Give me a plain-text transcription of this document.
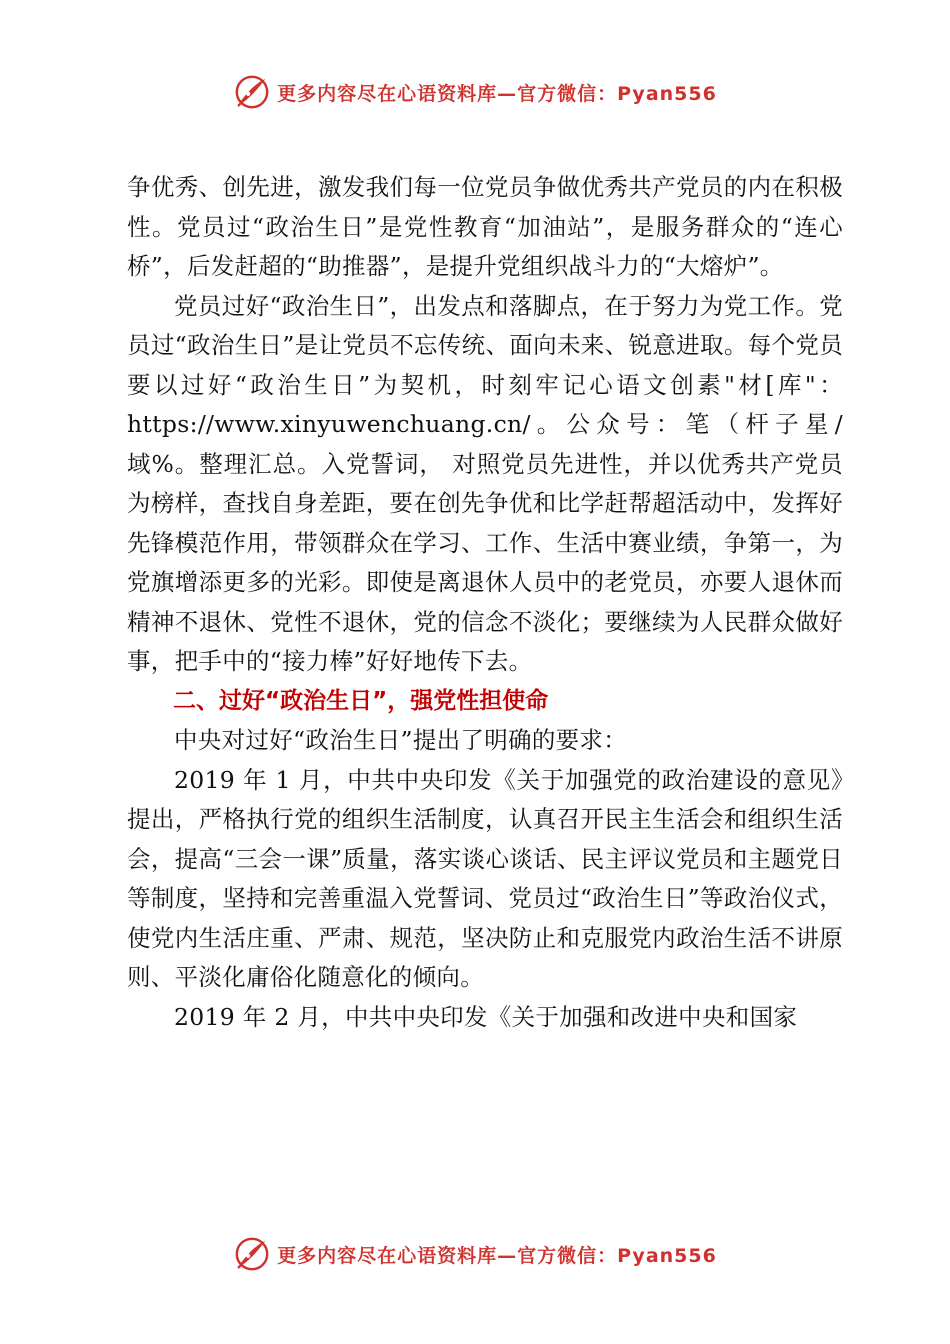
更多内容尽在心语资料库—官方微信：Pyan556

争优秀、创先进，激发我们每一位党员争做优秀共产党员的内在积极性。党员过“政治生日”是党性教育“加油站”，是服务群众的“连心桥”，后发赶超的“助推器”，是提升党组织战斗力的“大熔炉”。

党员过好“政治生日”，出发点和落脚点，在于努力为党工作。党员过“政治生日”是让党员不忘传统、面向未来、锐意进取。每个党员要以过好“政治生日”为契机，时刻牢记心语文创素"材[库"：https://www.xinyuwenchuang.cn/。公众号：笔（杆子星/域%。整理汇总。入党誓词， 对照党员先进性，并以优秀共产党员为榜样，查找自身差距，要在创先争优和比学赶帮超活动中，发挥好先锋模范作用，带领群众在学习、工作、生活中赛业绩，争第一，为党旗增添更多的光彩。即使是离退休人员中的老党员，亦要人退休而精神不退休、党性不退休，党的信念不淡化；要继续为人民群众做好事，把手中的“接力棒”好好地传下去。

二、过好“政治生日”，强党性担使命

中央对过好“政治生日”提出了明确的要求：

2019 年 1 月，中共中央印发《关于加强党的政治建设的意见》提出，严格执行党的组织生活制度，认真召开民主生活会和组织生活会，提高“三会一课”质量，落实谈心谈话、民主评议党员和主题党日等制度，坚持和完善重温入党誓词、党员过“政治生日”等政治仪式，使党内生活庄重、严肃、规范，坚决防止和克服党内政治生活不讲原则、平淡化庸俗化随意化的倾向。

2019 年 2 月，中共中央印发《关于加强和改进中央和国家

更多内容尽在心语资料库—官方微信：Pyan556
